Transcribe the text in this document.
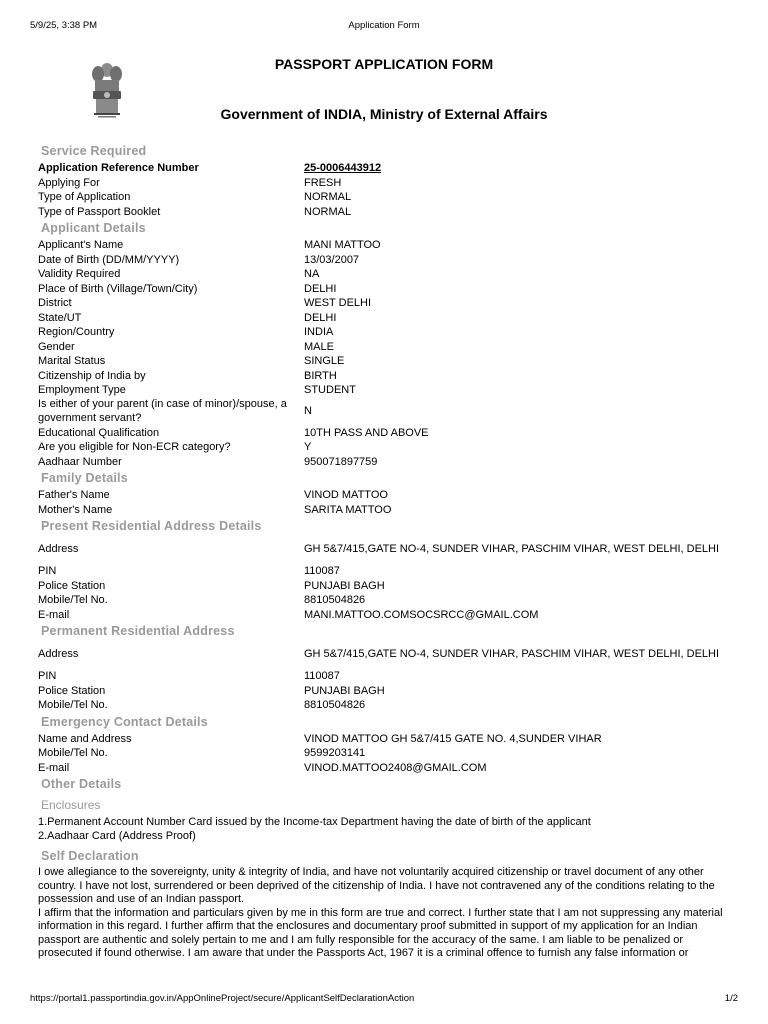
5/9/25, 3:38 PM	Application Form
PASSPORT APPLICATION FORM
Government of INDIA, Ministry of External Affairs
Service Required
Application Reference Number	25-0006443912
Applying For	FRESH
Type of Application	NORMAL
Type of Passport Booklet	NORMAL
Applicant Details
Applicant's Name	MANI MATTOO
Date of Birth (DD/MM/YYYY)	13/03/2007
Validity Required	NA
Place of Birth (Village/Town/City)	DELHI
District	WEST DELHI
State/UT	DELHI
Region/Country	INDIA
Gender	MALE
Marital Status	SINGLE
Citizenship of India by	BIRTH
Employment Type	STUDENT
Is either of your parent (in case of minor)/spouse, a government servant?
N
Educational Qualification	10TH PASS AND ABOVE
Are you eligible for Non-ECR category?	Y
Aadhaar Number	950071897759
Family Details
Father's Name	VINOD MATTOO
Mother's Name	SARITA MATTOO
Present Residential Address Details
Address	GH 5&7/415,GATE NO-4, SUNDER VIHAR, PASCHIM VIHAR, WEST DELHI, DELHI
PIN	110087
Police Station	PUNJABI BAGH
Mobile/Tel No.	8810504826
E-mail	MANI.MATTOO.COMSOCSRCC@GMAIL.COM
Permanent Residential Address
Address	GH 5&7/415,GATE NO-4, SUNDER VIHAR, PASCHIM VIHAR, WEST DELHI, DELHI
PIN	110087
Police Station	PUNJABI BAGH
Mobile/Tel No.	8810504826
Emergency Contact Details
Name and Address	VINOD MATTOO GH 5&7/415 GATE NO. 4,SUNDER VIHAR
Mobile/Tel No.	9599203141
E-mail	VINOD.MATTOO2408@GMAIL.COM
Other Details
Enclosures
1.Permanent Account Number Card issued by the Income-tax Department having the date of birth of the applicant
2.Aadhaar Card (Address Proof)
Self Declaration
I owe allegiance to the sovereignty, unity & integrity of India, and have not voluntarily acquired citizenship or travel document of any other country. I have not lost, surrendered or been deprived of the citizenship of India. I have not contravened any of the conditions relating to the possession and use of an Indian passport.
I affirm that the information and particulars given by me in this form are true and correct. I further state that I am not suppressing any material information in this regard. I further affirm that the enclosures and documentary proof submitted in support of my application for an Indian passport are authentic and solely pertain to me and I am fully responsible for the accuracy of the same. I am liable to be penalized or prosecuted if found otherwise. I am aware that under the Passports Act, 1967 it is a criminal offence to furnish any false information or
https://portal1.passportindia.gov.in/AppOnlineProject/secure/ApplicantSelfDeclarationAction	1/2
